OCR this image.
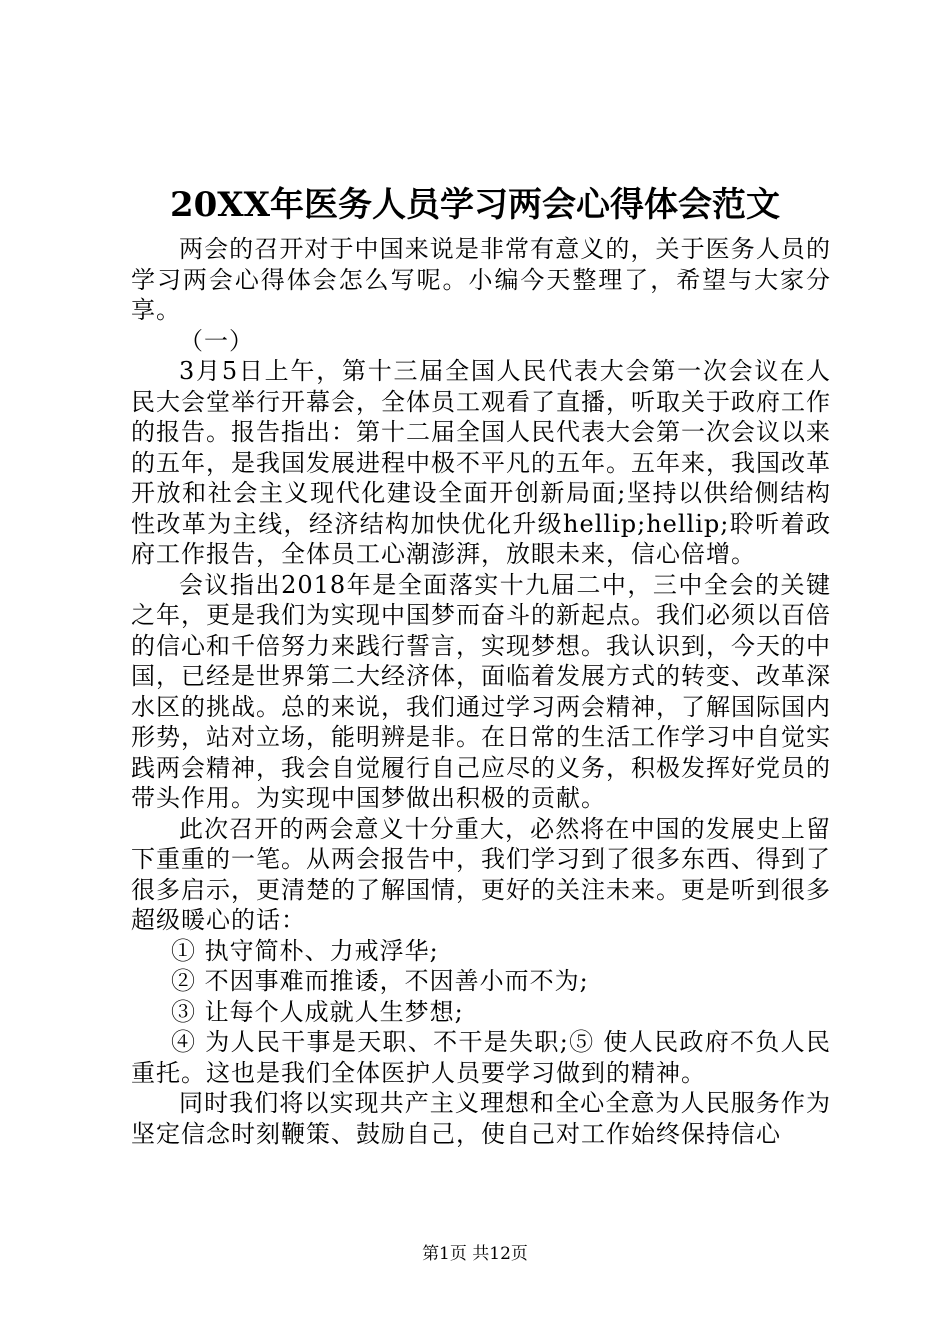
20XX年医务人员学习两会心得体会范文

两会的召开对于中国来说是非常有意义的，关于医务人员的学习两会心得体会怎么写呢。小编今天整理了，希望与大家分享。

（一）

3月5日上午，第十三届全国人民代表大会第一次会议在人民大会堂举行开幕会，全体员工观看了直播，听取关于政府工作的报告。报告指出：第十二届全国人民代表大会第一次会议以来的五年，是我国发展进程中极不平凡的五年。五年来，我国改革开放和社会主义现代化建设全面开创新局面;坚持以供给侧结构性改革为主线，经济结构加快优化升级hellip;hellip;聆听着政府工作报告，全体员工心潮澎湃，放眼未来，信心倍增。

会议指出2018年是全面落实十九届二中，三中全会的关键之年，更是我们为实现中国梦而奋斗的新起点。我们必须以百倍的信心和千倍努力来践行誓言，实现梦想。我认识到，今天的中国，已经是世界第二大经济体，面临着发展方式的转变、改革深水区的挑战。总的来说，我们通过学习两会精神，了解国际国内形势，站对立场，能明辨是非。在日常的生活工作学习中自觉实践两会精神，我会自觉履行自己应尽的义务，积极发挥好党员的带头作用。为实现中国梦做出积极的贡献。

此次召开的两会意义十分重大，必然将在中国的发展史上留下重重的一笔。从两会报告中，我们学习到了很多东西、得到了很多启示，更清楚的了解国情，更好的关注未来。更是听到很多超级暖心的话：

① 执守简朴、力戒浮华;

② 不因事难而推诿，不因善小而不为;

③ 让每个人成就人生梦想;

④ 为人民干事是天职、不干是失职;⑤ 使人民政府不负人民重托。这也是我们全体医护人员要学习做到的精神。

同时我们将以实现共产主义理想和全心全意为人民服务作为坚定信念时刻鞭策、鼓励自己，使自己对工作始终保持信心

第1页 共12页
